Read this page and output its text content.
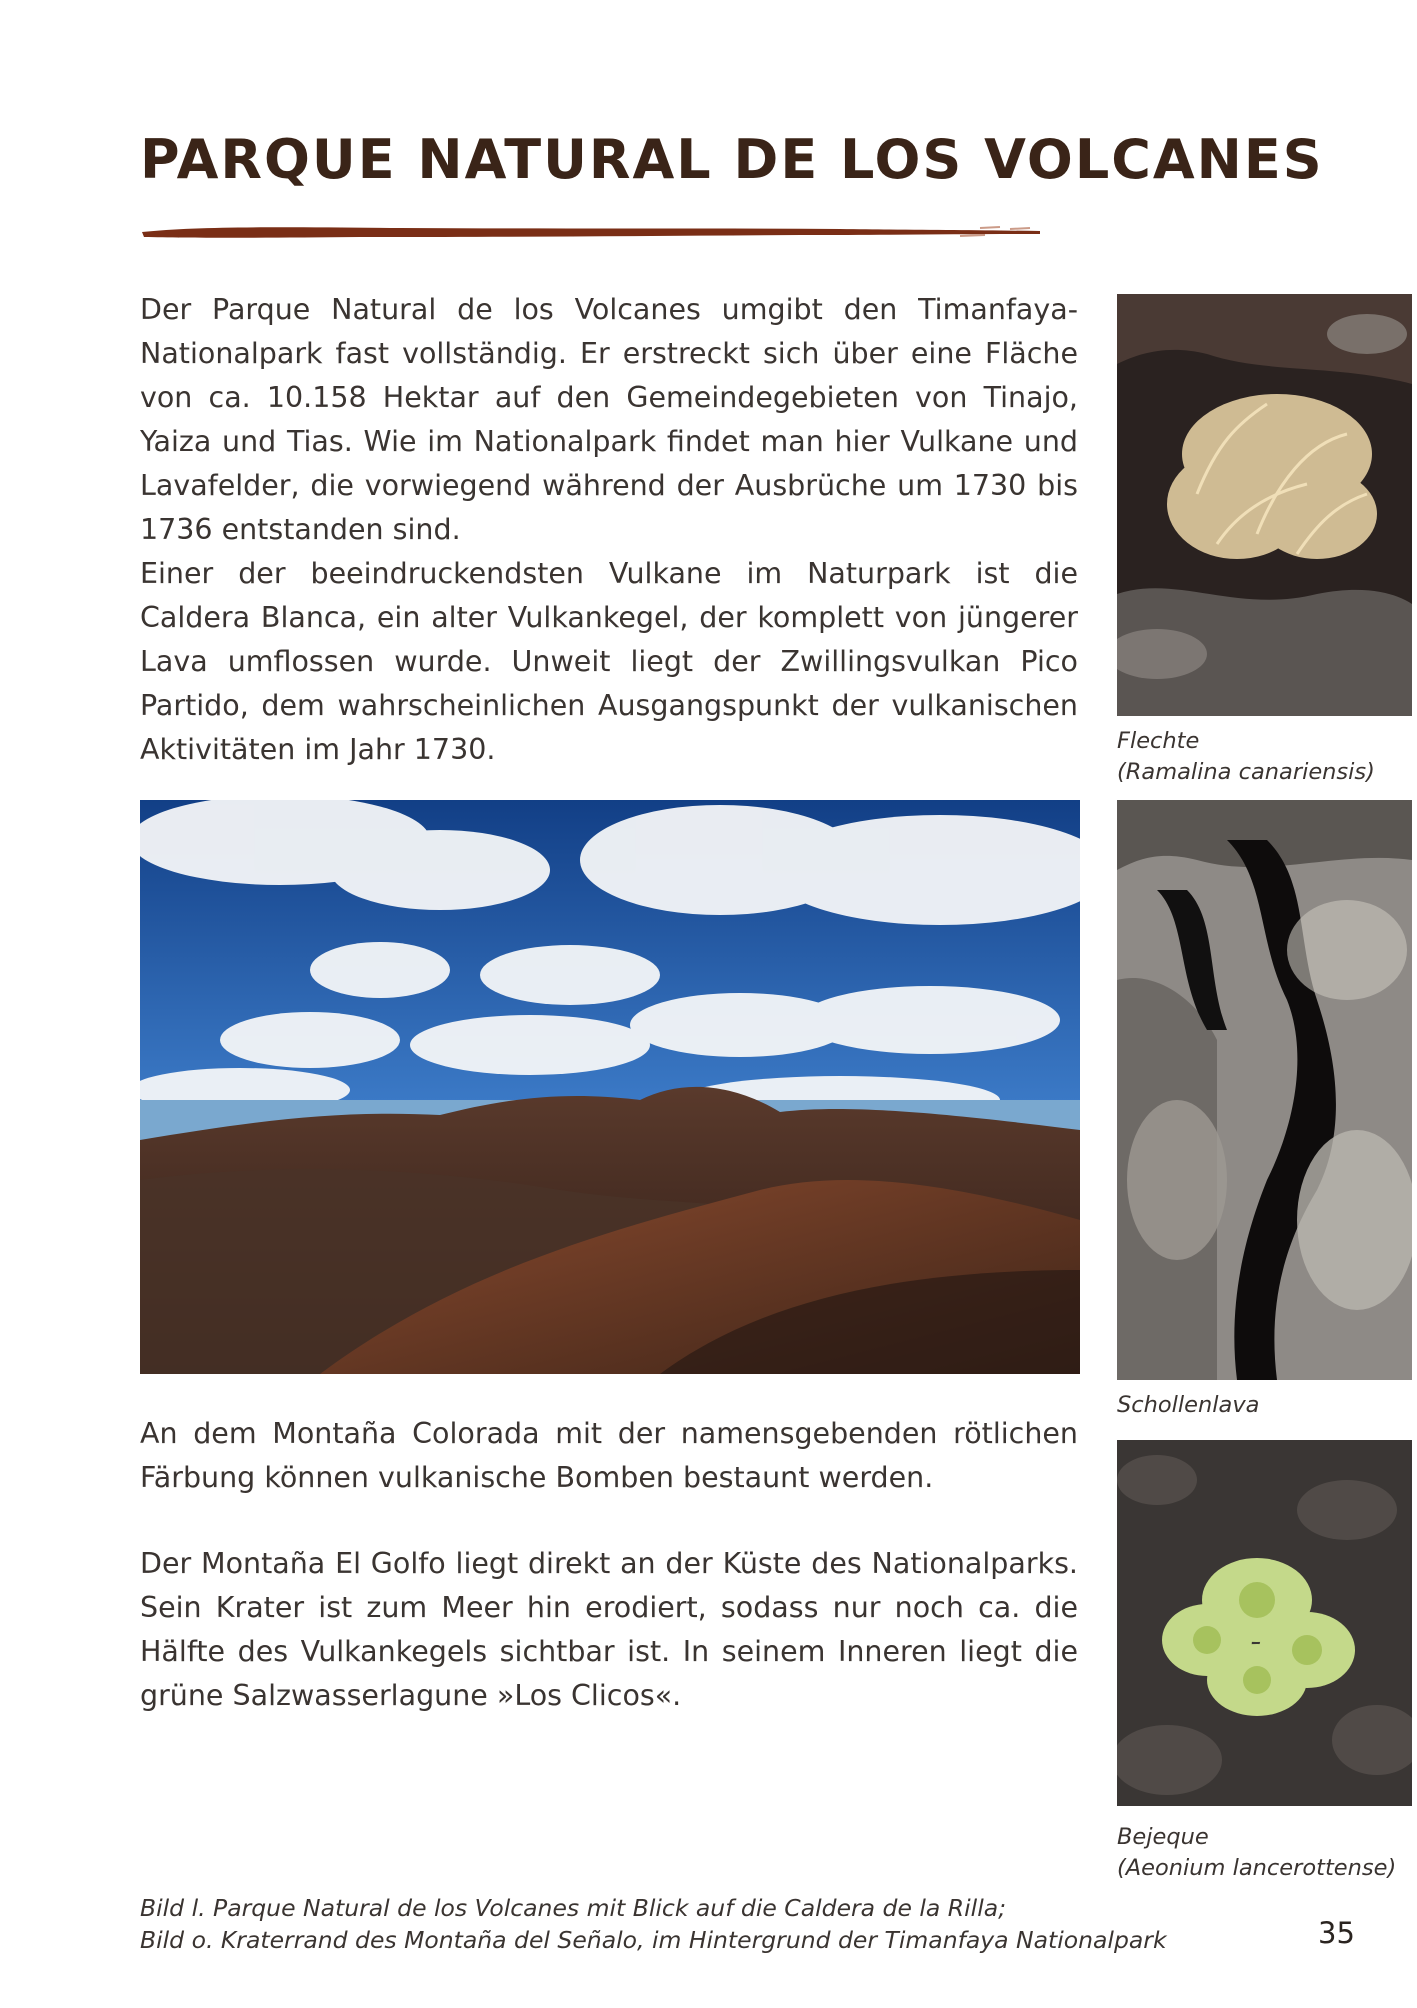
PARQUE NATURAL DE LOS VOLCANES

Der Parque Natural de los Volcanes umgibt den Timanfaya-Nationalpark fast vollständig. Er erstreckt sich über eine Fläche von ca. 10.158 Hektar auf den Gemeindegebieten von Tinajo, Yaiza und Tias. Wie im Nationalpark findet man hier Vulkane und Lavafelder, die vorwiegend während der Ausbrüche um 1730 bis 1736 entstanden sind.

Einer der beeindruckendsten Vulkane im Naturpark ist die Caldera Blanca, ein alter Vulkankegel, der komplett von jüngerer Lava umflossen wurde. Unweit liegt der Zwillingsvulkan Pico Partido, dem wahrscheinlichen Ausgangspunkt der vulkanischen Aktivitäten im Jahr 1730.

An dem Montaña Colorada mit der namensgebenden rötlichen Färbung können vulkanische Bomben bestaunt werden.

Der Montaña El Golfo liegt direkt an der Küste des Nationalparks. Sein Krater ist zum Meer hin erodiert, sodass nur noch ca. die Hälfte des Vulkankegels sichtbar ist. In seinem Inneren liegt die grüne Salzwasserlagune »Los Clicos«.

Flechte
(Ramalina canariensis)
Schollenlava
Bejeque
(Aeonium lancerottense)
Bild l. Parque Natural de los Volcanes mit Blick auf die Caldera de la Rilla;
Bild o. Kraterrand des Montaña del Señalo, im Hintergrund der Timanfaya Nationalpark	35
